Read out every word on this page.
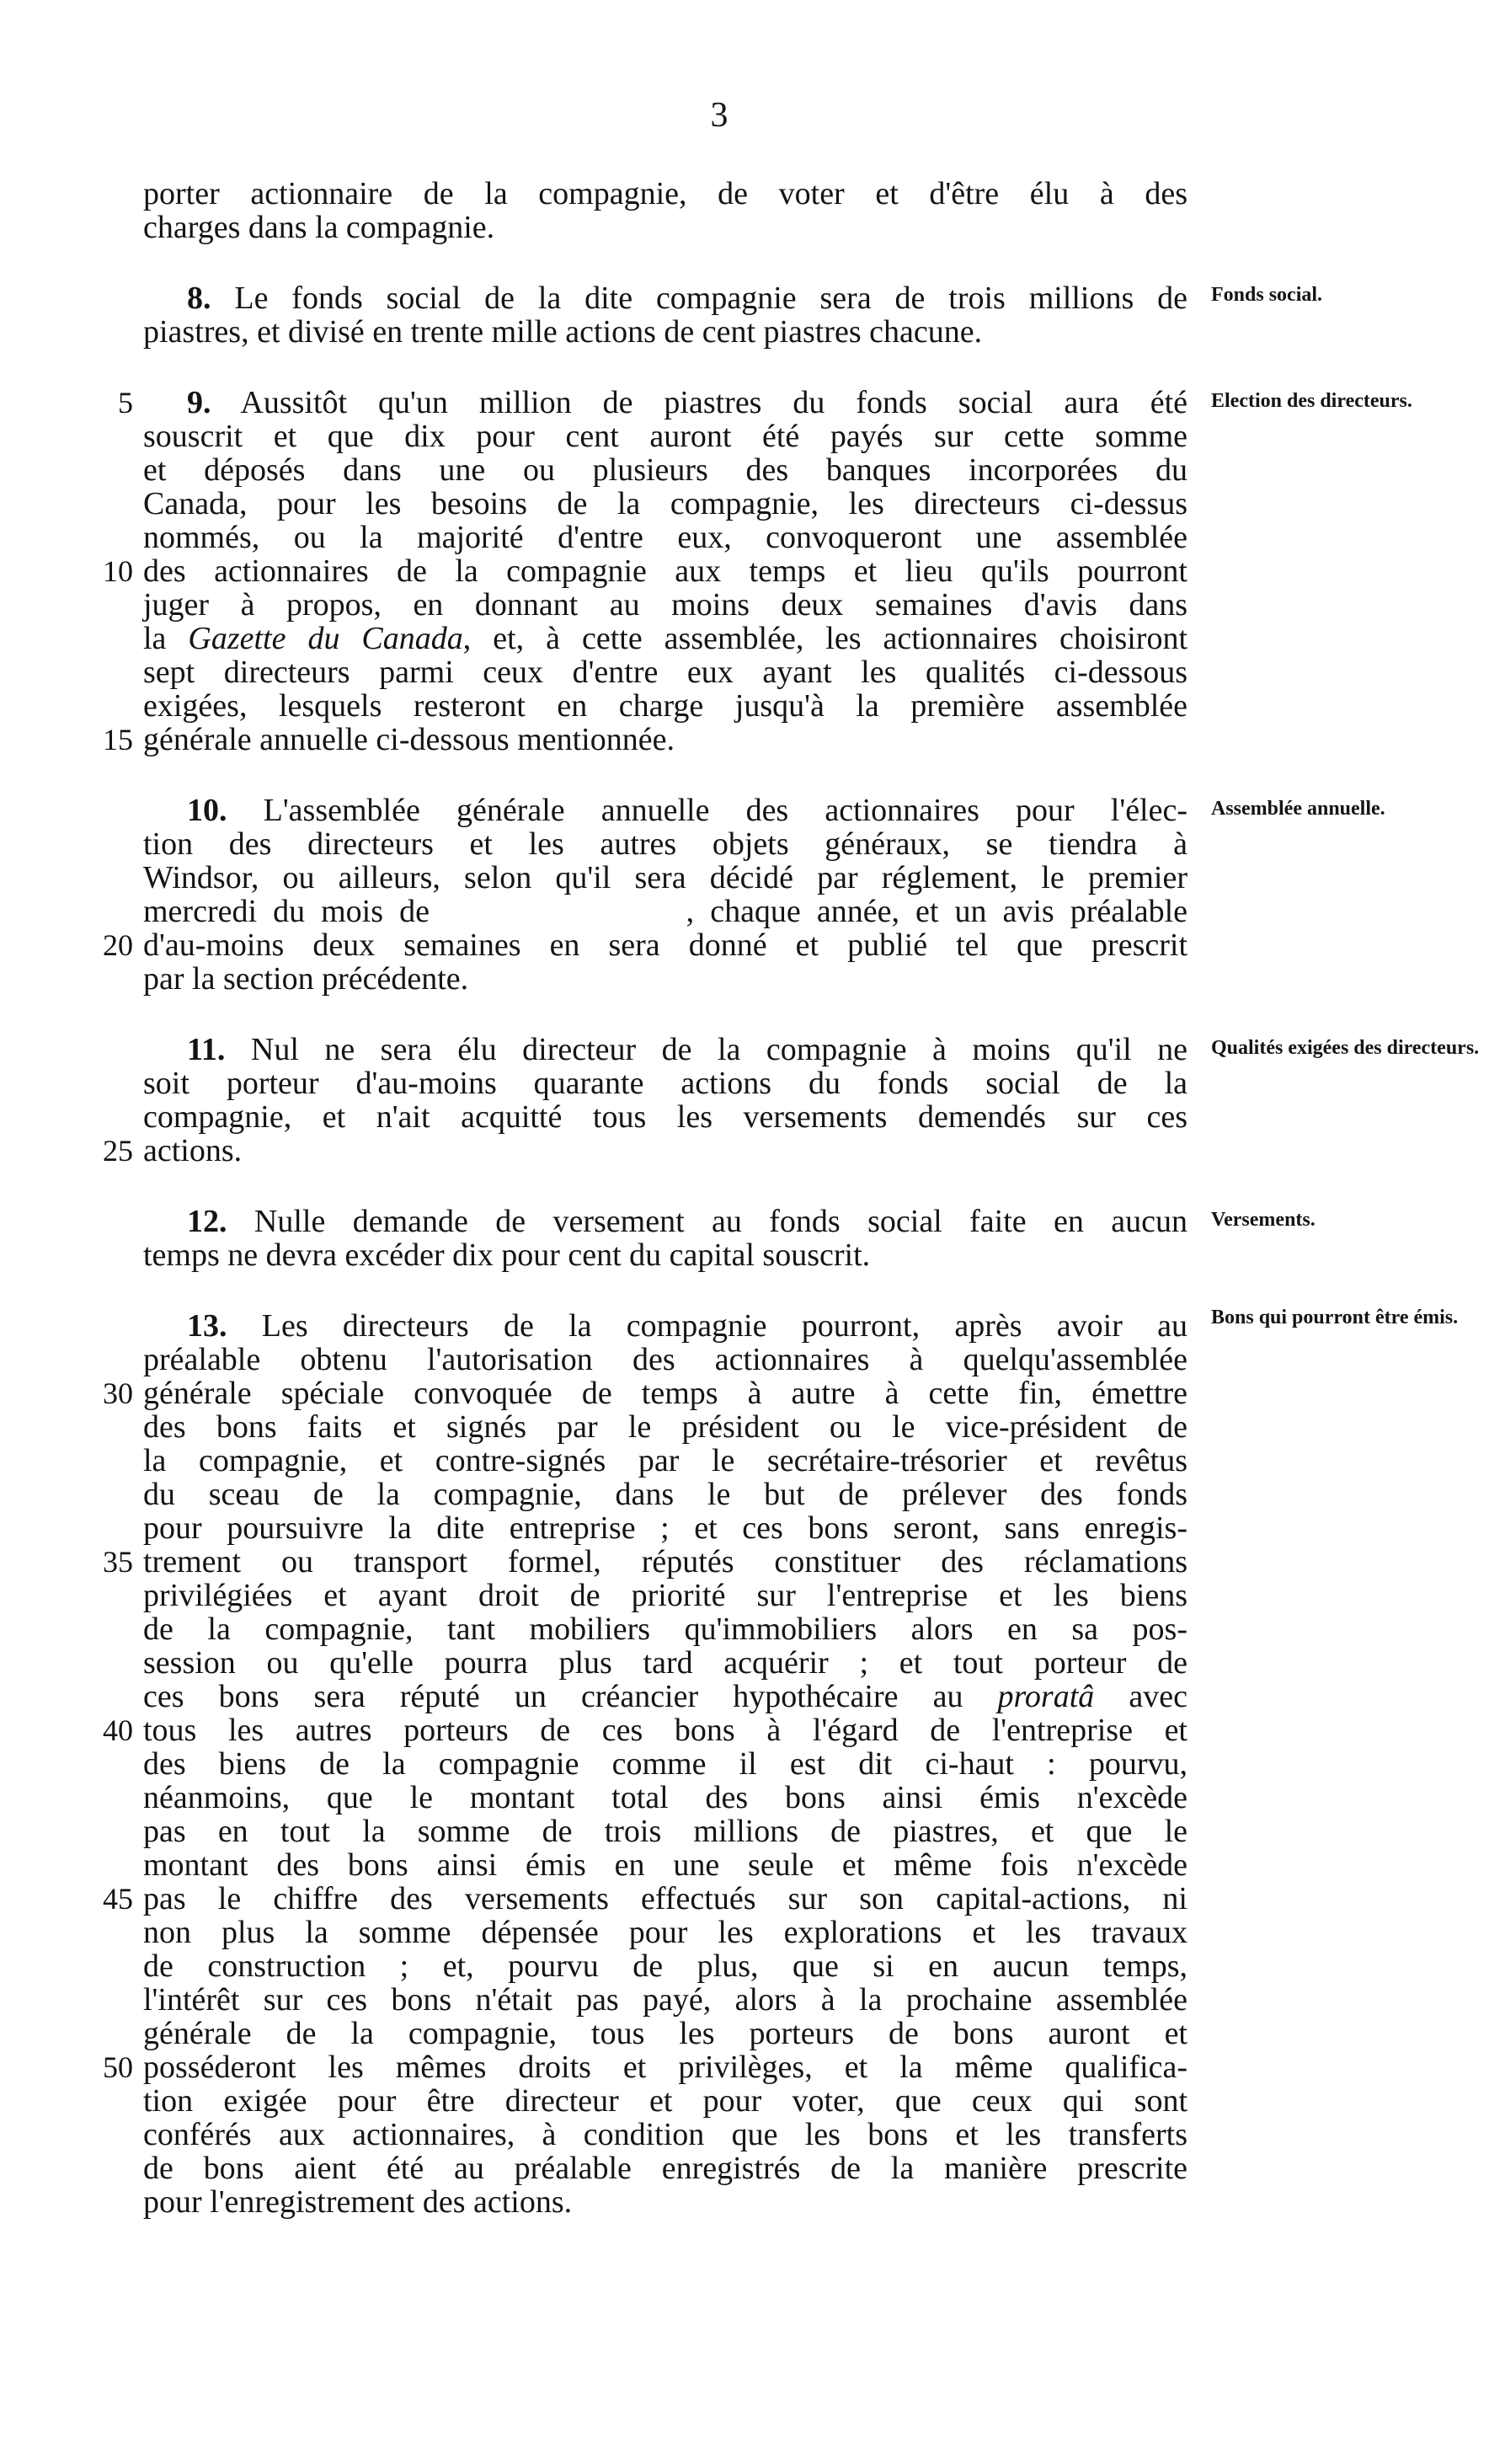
3
porter actionnaire de la compagnie, de voter et d'être élu à des
charges dans la compagnie.
8. Le fonds social de la dite compagnie sera de trois millions de Fonds social.
piastres, et divisé en trente mille actions de cent piastres chacune.
5 9. Aussitôt qu'un million de piastres du fonds social aura été Election des directeurs.
souscrit et que dix pour cent auront été payés sur cette somme
et déposés dans une ou plusieurs des banques incorporées du
Canada, pour les besoins de la compagnie, les directeurs ci-dessus
nommés, ou la majorité d'entre eux, convoqueront une assemblée
10 des actionnaires de la compagnie aux temps et lieu qu'ils pourront
juger à propos, en donnant au moins deux semaines d'avis dans
la Gazette du Canada, et, à cette assemblée, les actionnaires choisiront
sept directeurs parmi ceux d'entre eux ayant les qualités ci-dessous
exigées, lesquels resteront en charge jusqu'à la première assemblée
15 générale annuelle ci-dessous mentionnée.
10. L'assemblée générale annuelle des actionnaires pour l'élec- Assemblée annuelle.
tion des directeurs et les autres objets généraux, se tiendra à
Windsor, ou ailleurs, selon qu'il sera décidé par réglement, le premier
mercredi du mois de                , chaque année, et un avis préalable
20 d'au-moins deux semaines en sera donné et publié tel que prescrit
par la section précédente.
11. Nul ne sera élu directeur de la compagnie à moins qu'il ne Qualités exigées des directeurs.
soit porteur d'au-moins quarante actions du fonds social de la
compagnie, et n'ait acquitté tous les versements demendés sur ces
25 actions.
12. Nulle demande de versement au fonds social faite en aucun Versements.
temps ne devra excéder dix pour cent du capital souscrit.
13. Les directeurs de la compagnie pourront, après avoir au Bons qui pourront être émis.
préalable obtenu l'autorisation des actionnaires à quelqu'assemblée
30 générale spéciale convoquée de temps à autre à cette fin, émettre
des bons faits et signés par le président ou le vice-président de
la compagnie, et contre-signés par le secrétaire-trésorier et revêtus
du sceau de la compagnie, dans le but de prélever des fonds
pour poursuivre la dite entreprise ; et ces bons seront, sans enregis-
35 trement ou transport formel, réputés constituer des réclamations
privilégiées et ayant droit de priorité sur l'entreprise et les biens
de la compagnie, tant mobiliers qu'immobiliers alors en sa pos-
session ou qu'elle pourra plus tard acquérir ; et tout porteur de
ces bons sera réputé un créancier hypothécaire au proratâ avec
40 tous les autres porteurs de ces bons à l'égard de l'entreprise et
des biens de la compagnie comme il est dit ci-haut : pourvu,
néanmoins, que le montant total des bons ainsi émis n'excède
pas en tout la somme de trois millions de piastres, et que le
montant des bons ainsi émis en une seule et même fois n'excède
45 pas le chiffre des versements effectués sur son capital-actions, ni
non plus la somme dépensée pour les explorations et les travaux
de construction ; et, pourvu de plus, que si en aucun temps,
l'intérêt sur ces bons n'était pas payé, alors à la prochaine assemblée
générale de la compagnie, tous les porteurs de bons auront et
50 posséderont les mêmes droits et privilèges, et la même qualifica-
tion exigée pour être directeur et pour voter, que ceux qui sont
conférés aux actionnaires, à condition que les bons et les transferts
de bons aient été au préalable enregistrés de la manière prescrite
pour l'enregistrement des actions.
